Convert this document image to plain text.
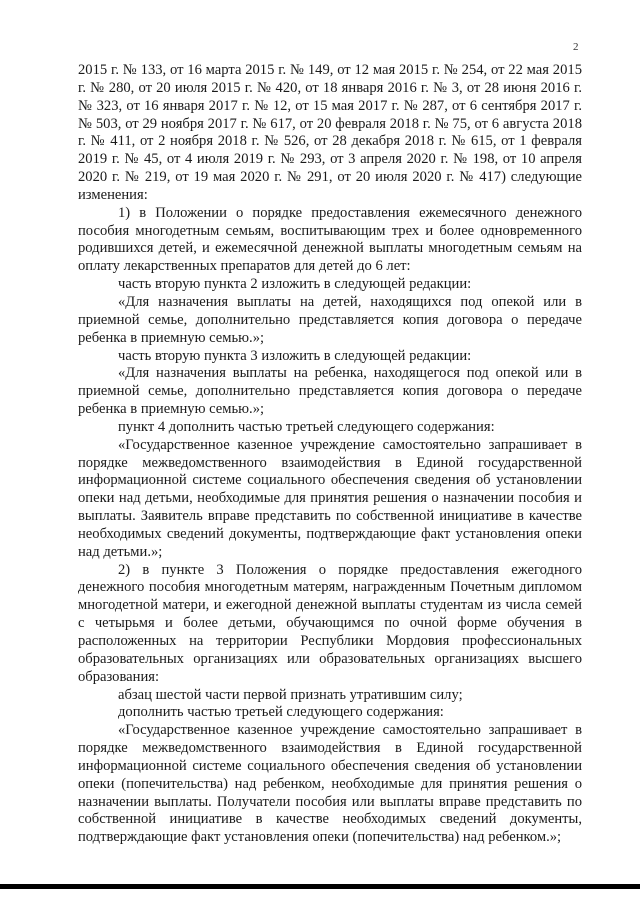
2

2015 г. № 133, от 16 марта 2015 г. № 149, от 12 мая 2015 г. № 254, от 22 мая 2015 г. № 280, от 20 июля 2015 г. № 420, от 18 января 2016 г. № 3, от 28 июня 2016 г. № 323, от 16 января 2017 г. № 12, от 15 мая 2017 г. № 287, от 6 сентября 2017 г. № 503, от 29 ноября 2017 г. № 617, от 20 февраля 2018 г. № 75, от 6 августа 2018 г. № 411, от 2 ноября 2018 г. № 526, от 28 декабря 2018 г. № 615, от 1 февраля 2019 г. № 45, от 4 июля 2019 г. № 293, от 3 апреля 2020 г. № 198, от 10 апреля 2020 г. № 219, от 19 мая 2020 г. № 291, от 20 июля 2020 г. № 417) следующие изменения:

1) в Положении о порядке предоставления ежемесячного денежного пособия многодетным семьям, воспитывающим трех и более одновременного родившихся детей, и ежемесячной денежной выплаты многодетным семьям на оплату лекарственных препаратов для детей до 6 лет:

часть вторую пункта 2 изложить в следующей редакции:

«Для назначения выплаты на детей, находящихся под опекой или в приемной семье, дополнительно представляется копия договора о передаче ребенка в приемную семью.»;

часть вторую пункта 3 изложить в следующей редакции:

«Для назначения выплаты на ребенка, находящегося под опекой или в приемной семье, дополнительно представляется копия договора о передаче ребенка в приемную семью.»;

пункт 4 дополнить частью третьей следующего содержания:

«Государственное казенное учреждение самостоятельно запрашивает в порядке межведомственного взаимодействия в Единой государственной информационной системе социального обеспечения сведения об установлении опеки над детьми, необходимые для принятия решения о назначении пособия и выплаты. Заявитель вправе представить по собственной инициативе в качестве необходимых сведений документы, подтверждающие факт установления опеки над детьми.»;

2) в пункте 3 Положения о порядке предоставления ежегодного денежного пособия многодетным матерям, награжденным Почетным дипломом многодетной матери, и ежегодной денежной выплаты студентам из числа семей с четырьмя и более детьми, обучающимся по очной форме обучения в расположенных на территории Республики Мордовия профессиональных образовательных организациях или образовательных организациях высшего образования:

абзац шестой части первой признать утратившим силу;

дополнить частью третьей следующего содержания:

«Государственное казенное учреждение самостоятельно запрашивает в порядке межведомственного взаимодействия в Единой государственной информационной системе социального обеспечения сведения об установлении опеки (попечительства) над ребенком, необходимые для принятия решения о назначении выплаты. Получатели пособия или выплаты вправе представить по собственной инициативе в качестве необходимых сведений документы, подтверждающие факт установления опеки (попечительства) над ребенком.»;
